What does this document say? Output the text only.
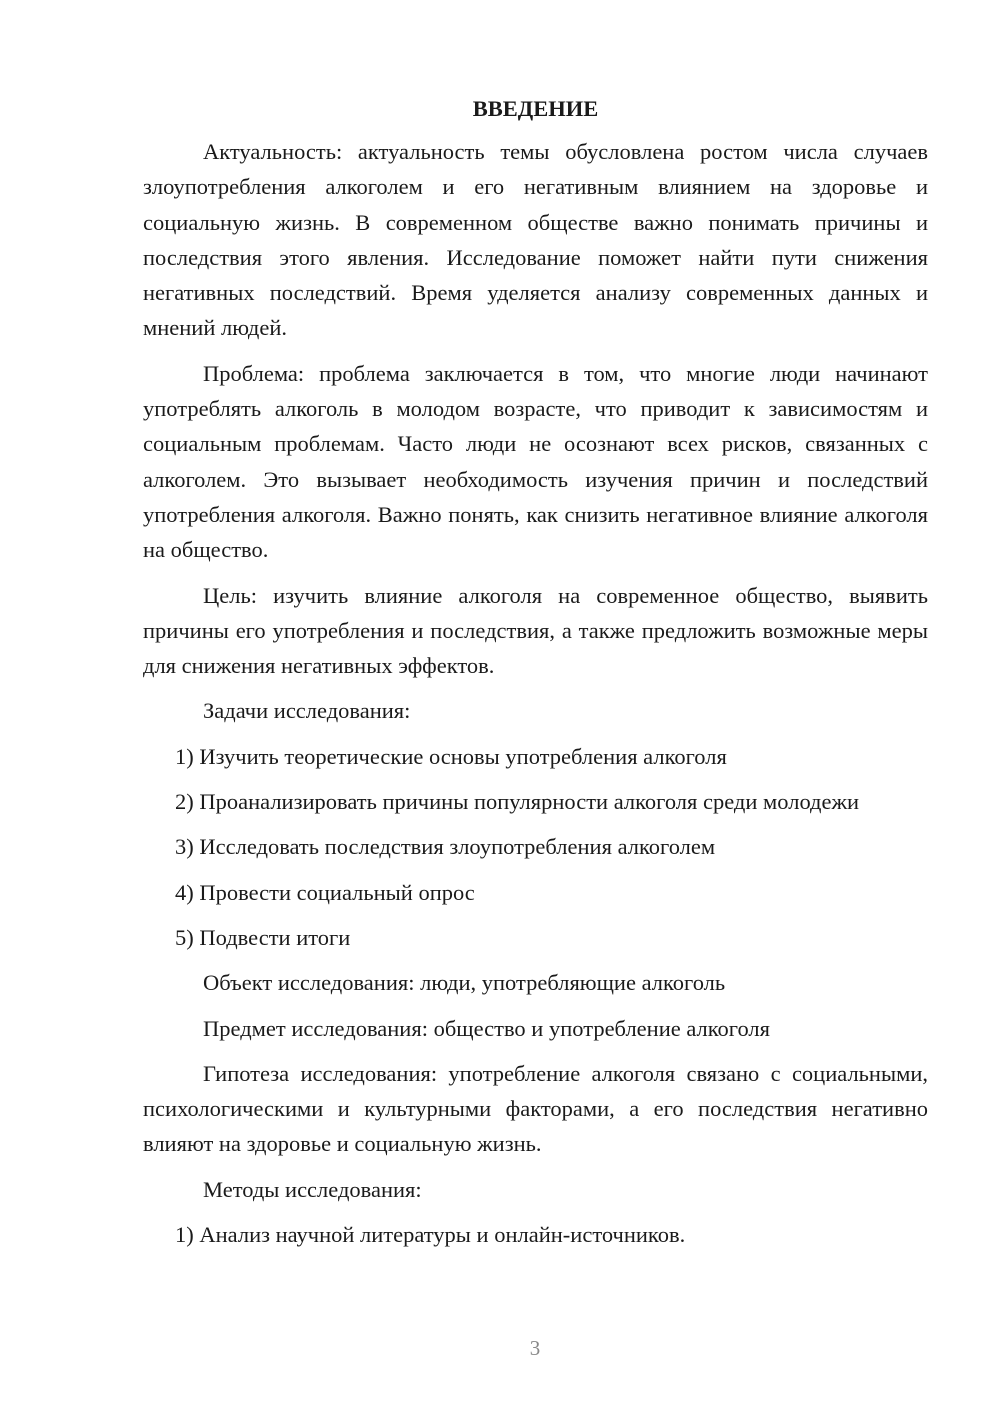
ВВЕДЕНИЕ

Актуальность: актуальность темы обусловлена ростом числа случаев злоупотребления алкоголем и его негативным влиянием на здоровье и социальную жизнь. В современном обществе важно понимать причины и последствия этого явления. Исследование поможет найти пути снижения негативных последствий. Время уделяется анализу современных данных и мнений людей.

Проблема: проблема заключается в том, что многие люди начинают употреблять алкоголь в молодом возрасте, что приводит к зависимостям и социальным проблемам. Часто люди не осознают всех рисков, связанных с алкоголем. Это вызывает необходимость изучения причин и последствий употребления алкоголя. Важно понять, как снизить негативное влияние алкоголя на общество.

Цель: изучить влияние алкоголя на современное общество, выявить причины его употребления и последствия, а также предложить возможные меры для снижения негативных эффектов.

Задачи исследования:

1) Изучить теоретические основы употребления алкоголя

2) Проанализировать причины популярности алкоголя среди молодежи

3) Исследовать последствия злоупотребления алкоголем

4) Провести социальный опрос

5) Подвести итоги

Объект исследования: люди, употребляющие алкоголь

Предмет исследования: общество и употребление алкоголя

Гипотеза исследования: употребление алкоголя связано с социальными, психологическими и культурными факторами, а его последствия негативно влияют на здоровье и социальную жизнь.

Методы исследования:

1) Анализ научной литературы и онлайн-источников.

3
